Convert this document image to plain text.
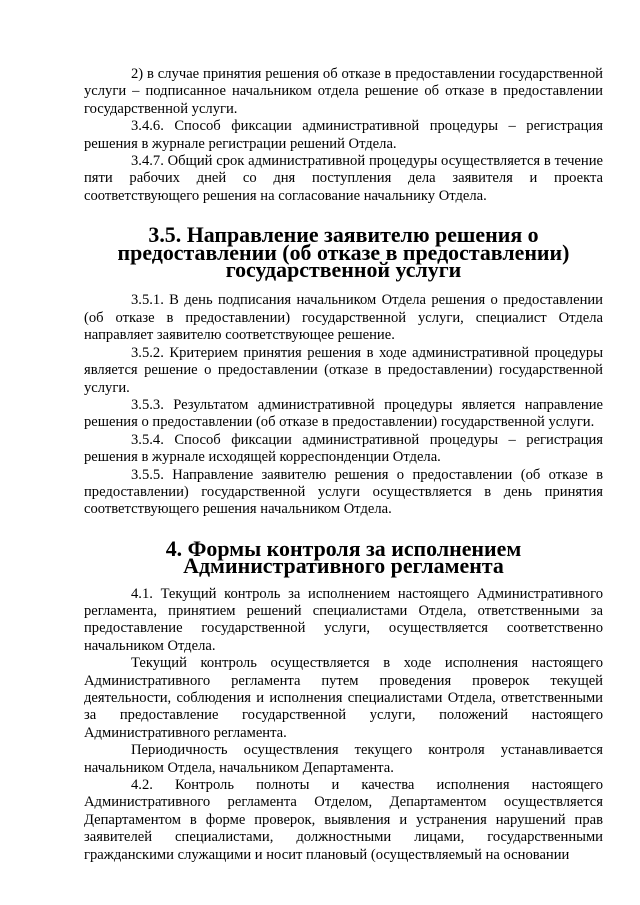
2) в случае принятия решения об отказе в предоставлении государственной услуги – подписанное начальником отдела решение об отказе в предоставлении государственной услуги.

3.4.6. Способ фиксации административной процедуры – регистрация решения в журнале регистрации решений Отдела.

3.4.7. Общий срок административной процедуры осуществляется в течение пяти рабочих дней со дня поступления дела заявителя и проекта соответствующего решения на согласование начальнику Отдела.

3.5. Направление заявителю решения о предоставлении (об отказе в предоставлении) государственной услуги

3.5.1. В день подписания начальником Отдела решения о предоставлении (об отказе в предоставлении) государственной услуги, специалист Отдела направляет заявителю соответствующее решение.

3.5.2. Критерием принятия решения в ходе административной процедуры является решение о предоставлении (отказе в предоставлении) государственной услуги.

3.5.3. Результатом административной процедуры является направление решения о предоставлении (об отказе в предоставлении) государственной услуги.

3.5.4. Способ фиксации административной процедуры – регистрация решения в журнале исходящей корреспонденции Отдела.

3.5.5. Направление заявителю решения о предоставлении (об отказе в предоставлении) государственной услуги осуществляется в день принятия соответствующего решения начальником Отдела.

4. Формы контроля за исполнением Административного регламента

4.1. Текущий контроль за исполнением настоящего Административного регламента, принятием решений специалистами Отдела, ответственными за предоставление государственной услуги, осуществляется соответственно начальником Отдела.

Текущий контроль осуществляется в ходе исполнения настоящего Административного регламента путем проведения проверок текущей деятельности, соблюдения и исполнения специалистами Отдела, ответственными за предоставление государственной услуги, положений настоящего Административного регламента.

Периодичность осуществления текущего контроля устанавливается начальником Отдела, начальником Департамента.

4.2. Контроль полноты и качества исполнения настоящего Административного регламента Отделом, Департаментом осуществляется Департаментом в форме проверок, выявления и устранения нарушений прав заявителей специалистами, должностными лицами, государственными гражданскими служащими и носит плановый (осуществляемый на основании
